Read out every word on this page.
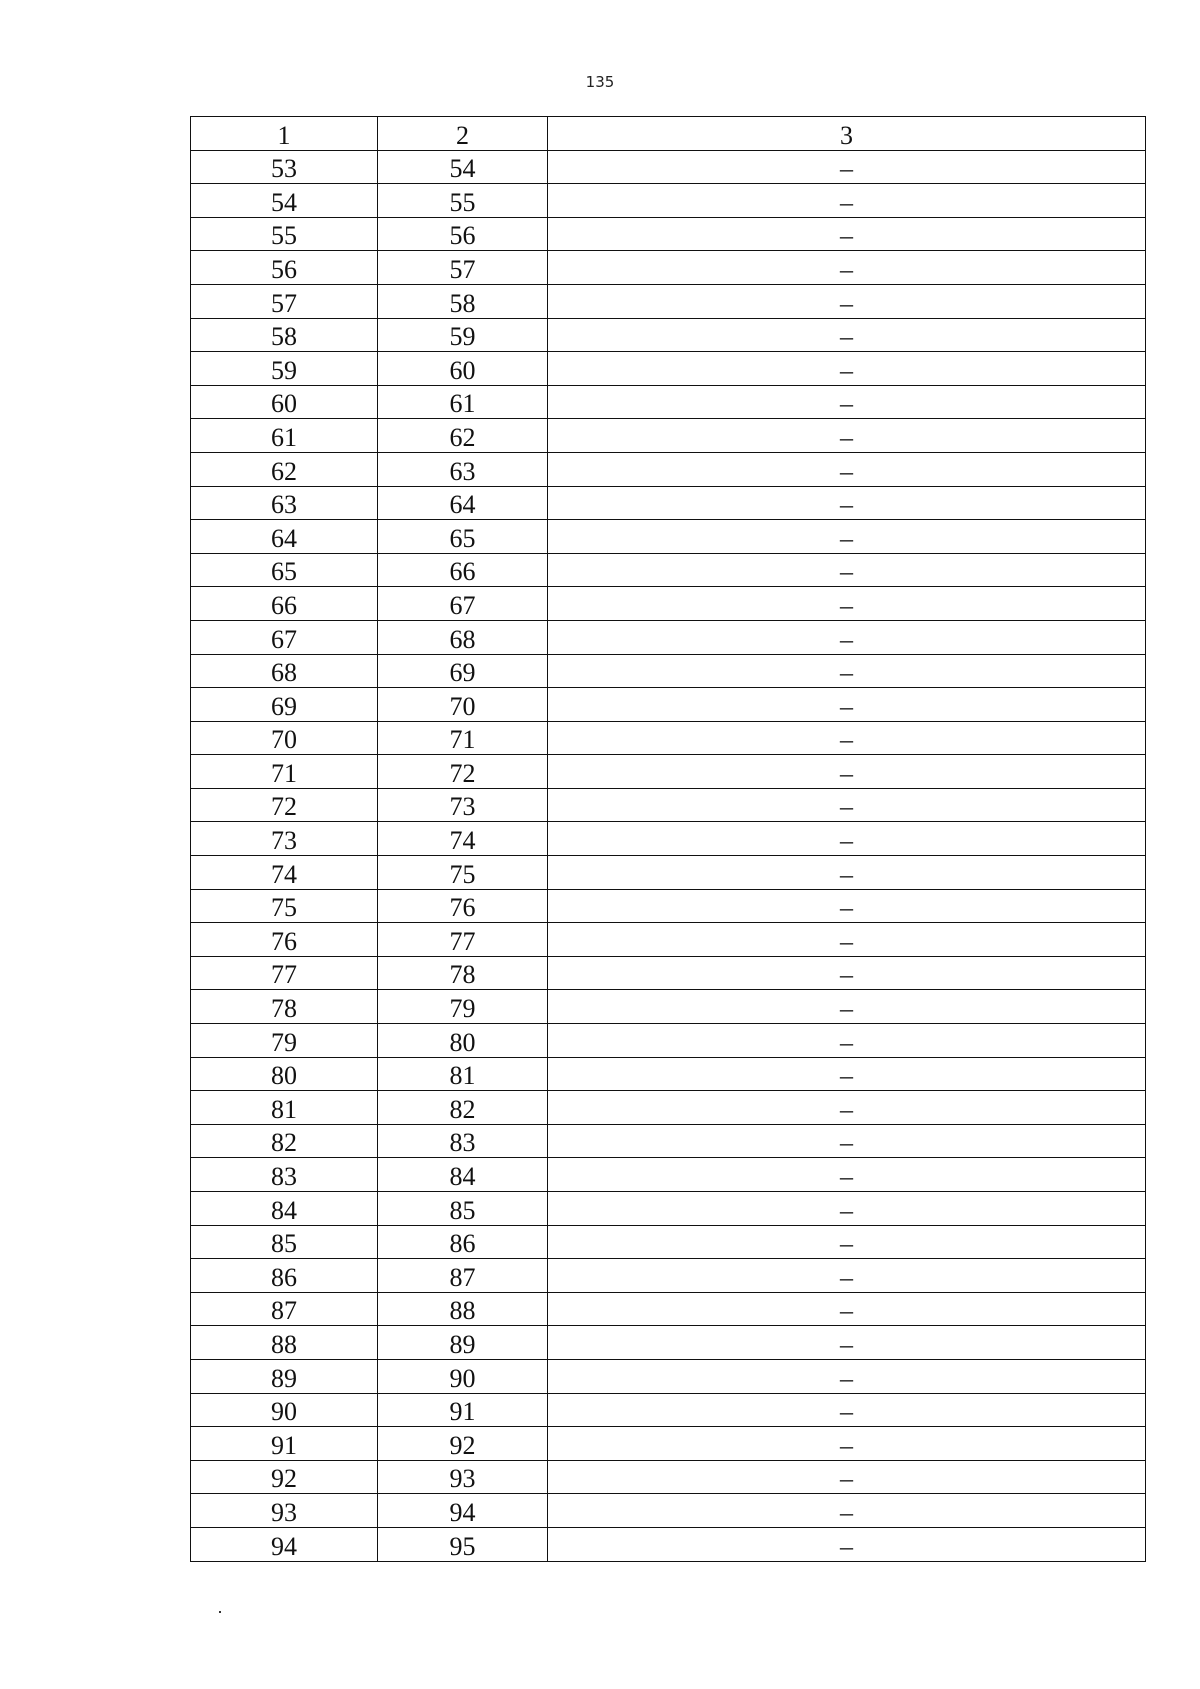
135
1	2	3
53	54	–
54	55	–
55	56	–
56	57	–
57	58	–
58	59	–
59	60	–
60	61	–
61	62	–
62	63	–
63	64	–
64	65	–
65	66	–
66	67	–
67	68	–
68	69	–
69	70	–
70	71	–
71	72	–
72	73	–
73	74	–
74	75	–
75	76	–
76	77	–
77	78	–
78	79	–
79	80	–
80	81	–
81	82	–
82	83	–
83	84	–
84	85	–
85	86	–
86	87	–
87	88	–
88	89	–
89	90	–
90	91	–
91	92	–
92	93	–
93	94	–
94	95	–
